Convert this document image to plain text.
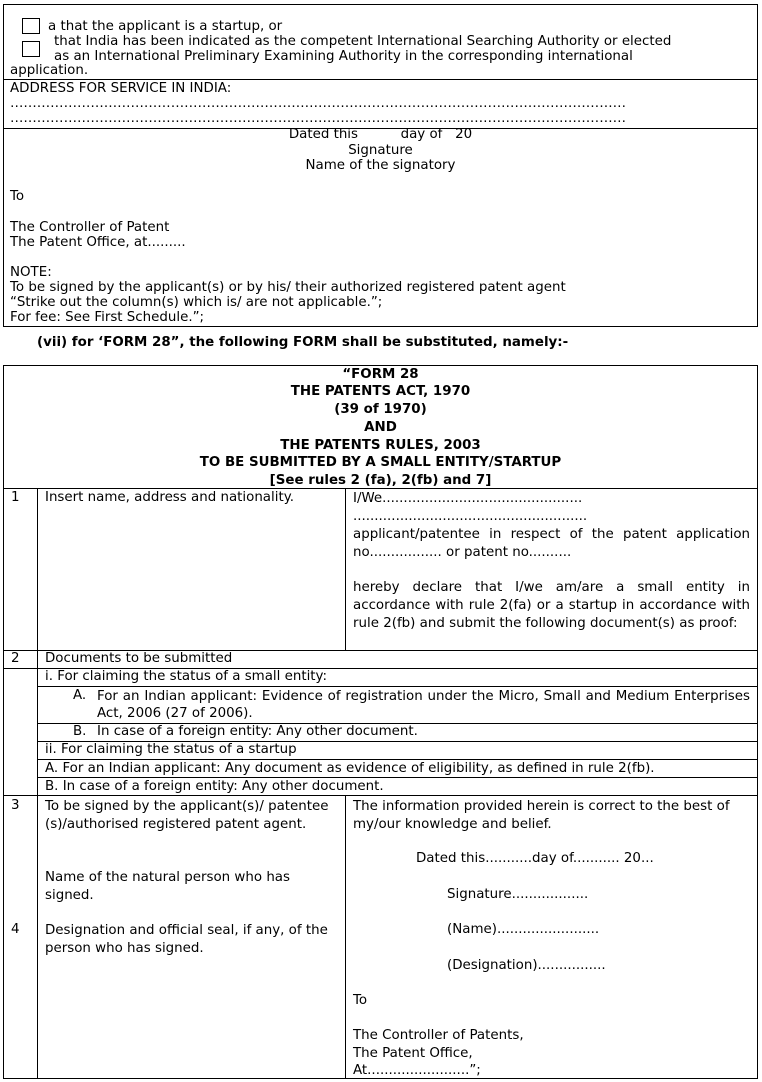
a that the applicant is a startup, or
that India has been indicated as the competent International Searching Authority or elected
as an International Preliminary Examining Authority in the corresponding international
application.
ADDRESS FOR SERVICE IN INDIA:
…………………………………………………………………………………………………………………………
…………………………………………………………………………………………………………………………
Dated this          day of   20
Signature
Name of the signatory
To
The Controller of Patent
The Patent Office, at.........
NOTE:
To be signed by the applicant(s) or by his/ their authorized registered patent agent
“Strike out the column(s) which is/ are not applicable.”;
For fee: See First Schedule.”;
(vii) for ‘FORM 28”, the following FORM shall be substituted, namely:-
“FORM 28
THE PATENTS ACT, 1970
(39 of 1970)
AND
THE PATENTS RULES, 2003
TO BE SUBMITTED BY A SMALL ENTITY/STARTUP
[See rules 2 (fa), 2(fb) and 7]
1 Insert name, address and nationality.	I/We...............................................
.......................................................
applicant/patentee in respect of the patent application no................. or patent no..........
hereby declare that I/we am/are a small entity in accordance with rule 2(fa) or a startup in accordance with rule 2(fb) and submit the following document(s) as proof:
2 Documents to be submitted
i. For claiming the status of a small entity:
A. For an Indian applicant: Evidence of registration under the Micro, Small and Medium Enterprises Act, 2006 (27 of 2006).
B. In case of a foreign entity: Any other document.
ii. For claiming the status of a startup
A. For an Indian applicant: Any document as evidence of eligibility, as defined in rule 2(fb).
B. In case of a foreign entity: Any other document.
3 To be signed by the applicant(s)/ patentee (s)/authorised registered patent agent.
Name of the natural person who has signed.
4 Designation and official seal, if any, of the person who has signed.
The information provided herein is correct to the best of my/our knowledge and belief.
Dated this...........day of........... 20...
Signature..................
(Name)........................
(Designation)................
To
The Controller of Patents,
The Patent Office,
At........................”;
